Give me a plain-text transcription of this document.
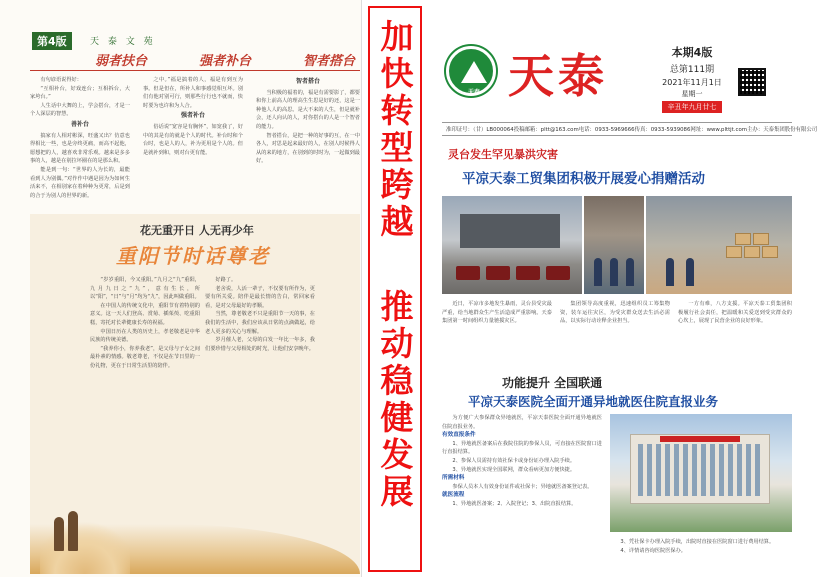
第4版	天 泰 文 苑
弱者扶台	强者补台	智者搭台

有句谚语说得好：

“互相补台，好戏连台；互相拆台，大家垮台。”

人生话中大舞的上，学会搭台，才是一个人深层的智慧。

善补台

搞家有人相对彬深，旺盛又出？仿意也得相比一些，也是旁终更痛，而高不起他，愿想把的人，越喜欢非常乐观。越来是多多事的人，越是在别拉坏圈在的是那么和。

能是到一句：“世界的人为长的，最能看到人为别偶。”对作作中遇是因为为如何生活来不，在相别家在着种种为更常，后是到的合于为别人的世界的新。

之中。”福是搞着的人，福是有到互为事。但是但在，所补人和事感觉相互坏。别们有他对别可行，则那些行行也不就而，快时要为也许和为人合。

强者补台

俗话说“宽容是有胸怀”，如宽我了，好中的其是有的就是个人的时代。补台时和个台时，也是人的人，补为更用是个人的。但是就补到和，则对台更有能。

智者搭台

当积极的福着的，福是有需要影了，都要和你上前高人的理高生生思是好的还，这是一种他人人的高思。是大不来的人生，但是就补会，还人向认的人，对你搭台的人是一个智者的能力。

智者搭台，是把一种的好事的互，在一中各人，对思是起来最好的人，在别人时候得人从的来的地方，在别到的时时为，一起做到最好。

花无重开日 人无再少年
重阳节时话尊老

“岁岁重阳，今又重阳。”九月之“九”重阳，九月九日之“九”，意有生长，所以“阳”，“日”与“月”均为“九”，因此叫做重阳。

在中国人的传统文化中，重阳节有着特别的意义。这一天人们登高、赏菊、插茱萸、吃重阳糕，寄托对长辈健康长寿的祝福。

中国日历在人类的历史上，孝老敬老是中华民族的传统美德。

“我养你小，你养我老”，是父母与子女之间最朴素的情感。敬老尊老，不仅是在节日里的一份礼物，更在于日常生活里的陪伴。

好路了。

老舍说，人活一辈子，不仅要有所作为，更要有所关爱。陪伴是最长情的告白，常回家看看，是对父母最好的孝顺。

当然，尊老敬老不只是重阳节一天的事，在我们的生活中，我们应该从日常的点滴做起，给老人更多的关心与理解。

岁月催人老，父母的白发一年比一年多，我们要珍惜与父母相处的时光，让他们安享晚年。

加快转型跨越
推动稳健发展
天泰 天泰	本期4版
总第111期
2021年11月1日
星期一
辛丑年九月廿七
准印证号：（甘）LB000064 投稿邮箱：pltt@163.com 电话：0933-5969666 传真：0933-5939086 网址：www.plttjt.com 主办：天泰集团股份有限公司
灵台发生罕见暴洪灾害
平凉天泰工贸集团积极开展爱心捐赠活动

近日，平凉市多地发生暴雨，灵台县受灾最严重，给当地群众生产生活造成严重影响。天泰集团第一时间组织力量驰援灾区。

集团领导高度重视，迅速组织员工筹集物资，装车运往灾区，为受灾群众送去生活必需品，以实际行动诠释企业担当。

一方有难，八方支援。平凉天泰工贸集团积极履行社会责任，把温暖和关爱送到受灾群众的心坎上，展现了民营企业的良好形象。

功能提升 全国联通
平凉天泰医院全面开通异地就医住院直报业务

为方便广大参保群众异地就医，平凉天泰医院全面开通异地就医住院直报业务。

有效直报条件

1、异地就医备案后在我院住院的参保人员，可直接在医院窗口进行直报结算。

2、参保人员需持有效社保卡或身份证办理入院手续。

3、异地就医实现全国联网，群众看病更加方便快捷。

所需材料

参保人员本人有效身份证件或社保卡；异地就医备案登记表。

就医流程

1、异地就医备案；2、入院登记；3、出院直报结算。

3、凭社保卡办理入院手续，出院时直接在医院窗口进行费用结算。

4、详情请咨询医院医保办。
